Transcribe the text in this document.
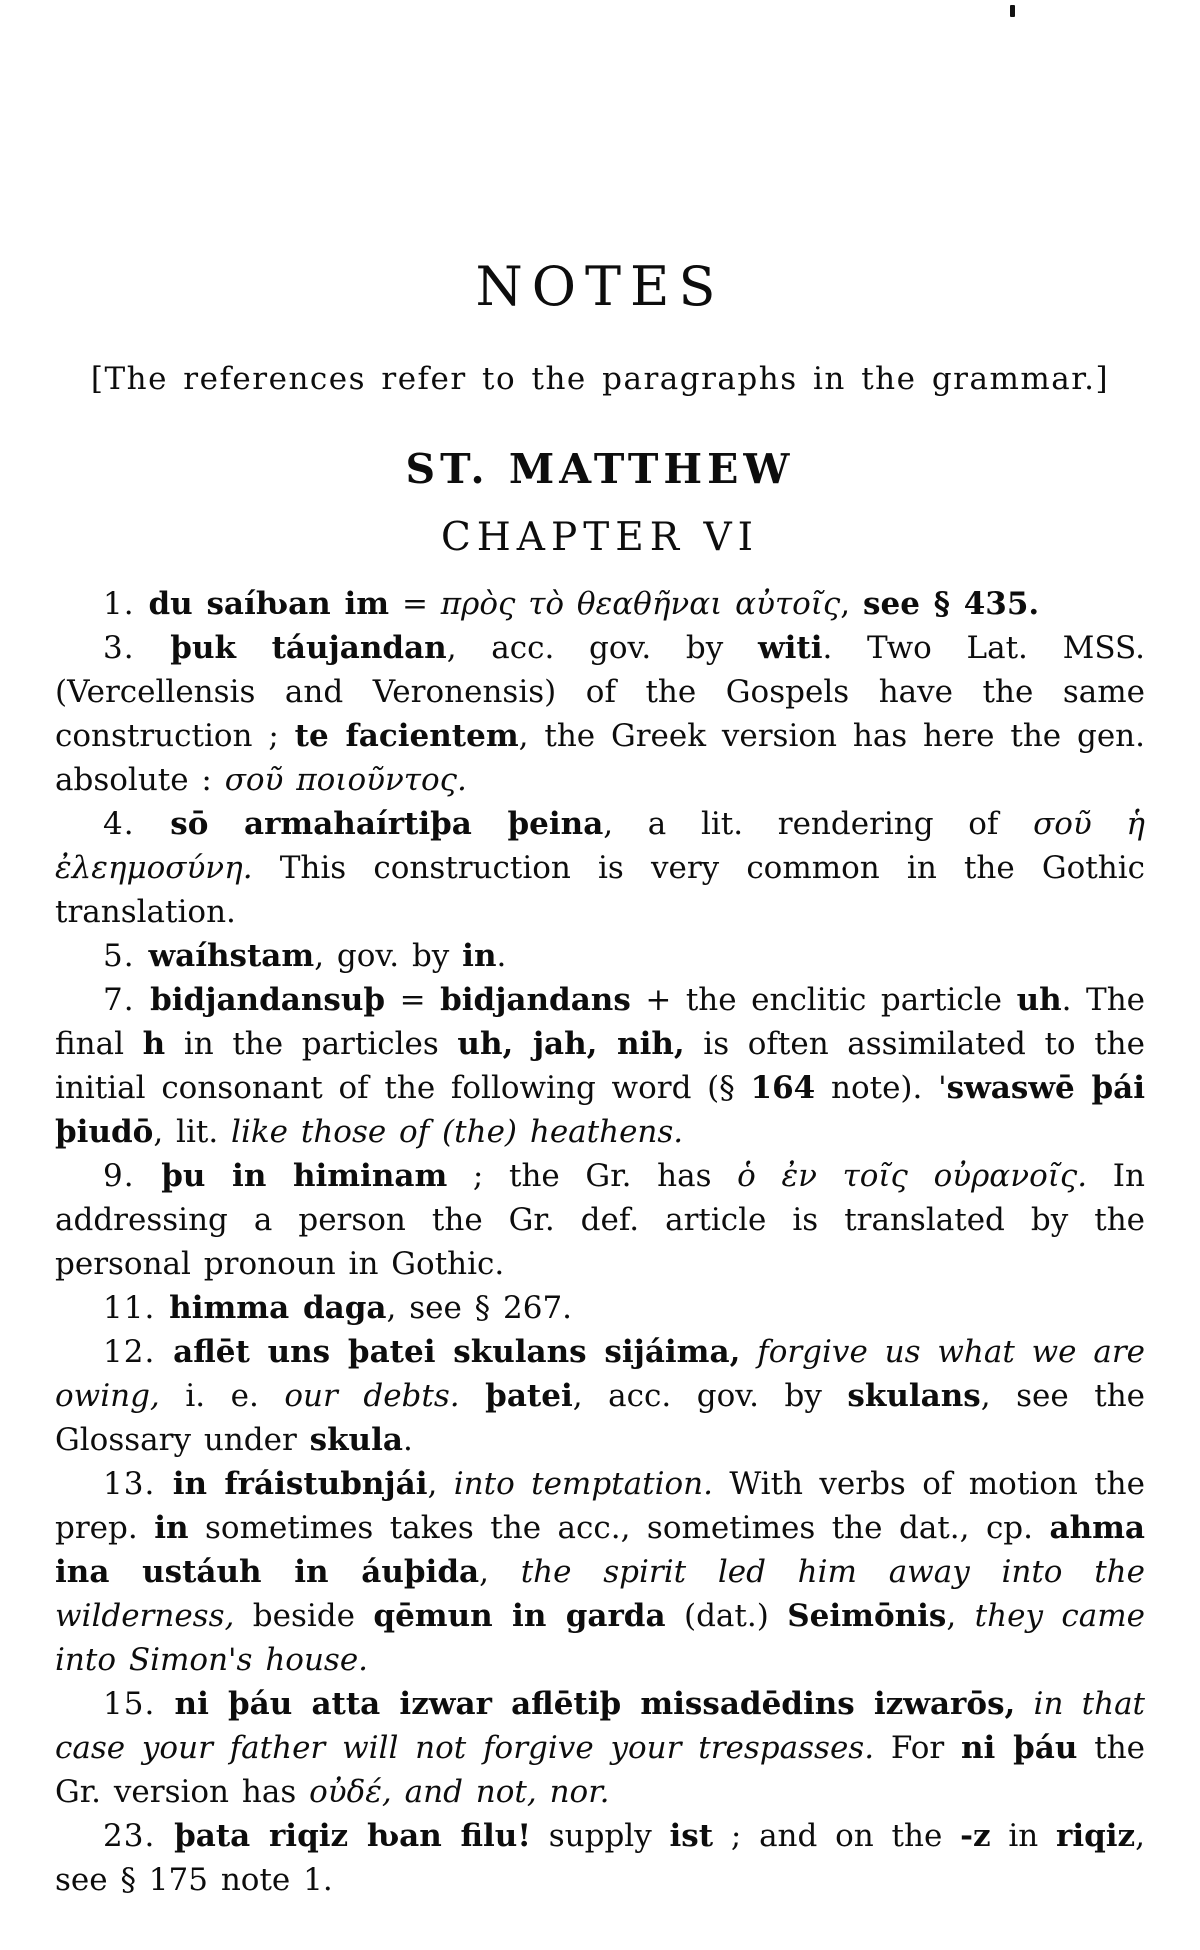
NOTES

[The references refer to the paragraphs in the grammar.]

ST. MATTHEW
CHAPTER VI

1. du saíƕan im = πρὸς τὸ θεαθῆναι αὐτοῖς, see § 435.

3. þuk táujandan, acc. gov. by witi. Two Lat. MSS. (Vercellensis and Veronensis) of the Gospels have the same construction ; te facientem, the Greek version has here the gen. absolute : σοῦ ποιοῦντος.

4. sō armahaírtiþa þeina, a lit. rendering of σοῦ ἡ ἐλεημοσύνη. This construction is very common in the Gothic translation.

5. waíhstam, gov. by in.

7. bidjandansuþ = bidjandans + the enclitic particle uh. The final h in the particles uh, jah, nih, is often assimilated to the initial consonant of the following word (§ 164 note). 'swaswē þái þiudō, lit. like those of (the) heathens.

9. þu in himinam ; the Gr. has ὁ ἐν τοῖς οὐρανοῖς. In addressing a person the Gr. def. article is translated by the personal pronoun in Gothic.

11. himma daga, see § 267.

12. aflēt uns þatei skulans sijáima, forgive us what we are owing, i. e. our debts. þatei, acc. gov. by skulans, see the Glossary under skula.

13. in fráistubnjái, into temptation. With verbs of motion the prep. in sometimes takes the acc., sometimes the dat., cp. ahma ina ustáuh in áuþida, the spirit led him away into the wilderness, beside qēmun in garda (dat.) Seimōnis, they came into Simon's house.

15. ni þáu atta izwar aflētiþ missadēdins izwarōs, in that case your father will not forgive your trespasses. For ni þáu the Gr. version has οὐδέ, and not, nor.

23. þata riqiz ƕan filu! supply ist ; and on the -z in riqiz, see § 175 note 1.
